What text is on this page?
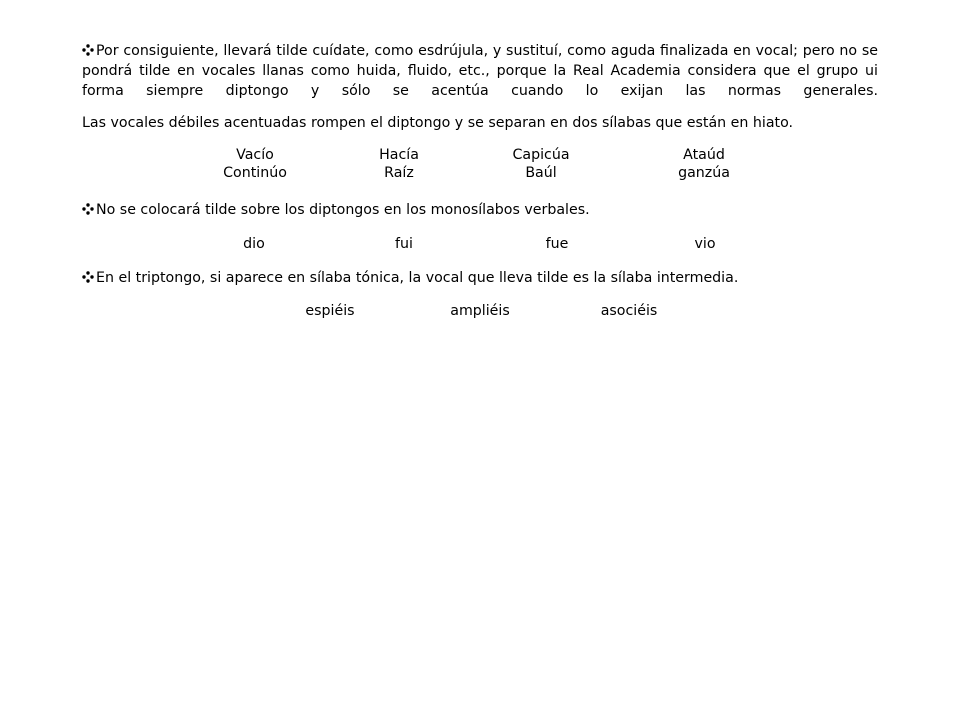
Por consiguiente, llevará tilde cuídate, como esdrújula, y sustituí, como aguda finalizada en vocal; pero no se pondrá tilde en vocales llanas como huida, fluido, etc., porque la Real Academia considera que el grupo ui forma siempre diptongo y sólo se acentúa cuando lo exijan las normas generales.

Las vocales débiles acentuadas rompen el diptongo y se separan en dos sílabas que están en hiato.

Vacío	Hacía	Capicúa	Ataúd
Continúo	Raíz	Baúl	ganzúa
No se colocará tilde sobre los diptongos en los monosílabos verbales.
dio	fui	fue	vio
En el triptongo, si aparece en sílaba tónica, la vocal que lleva tilde es la sílaba intermedia.
espiéis	ampliéis	asociéis
